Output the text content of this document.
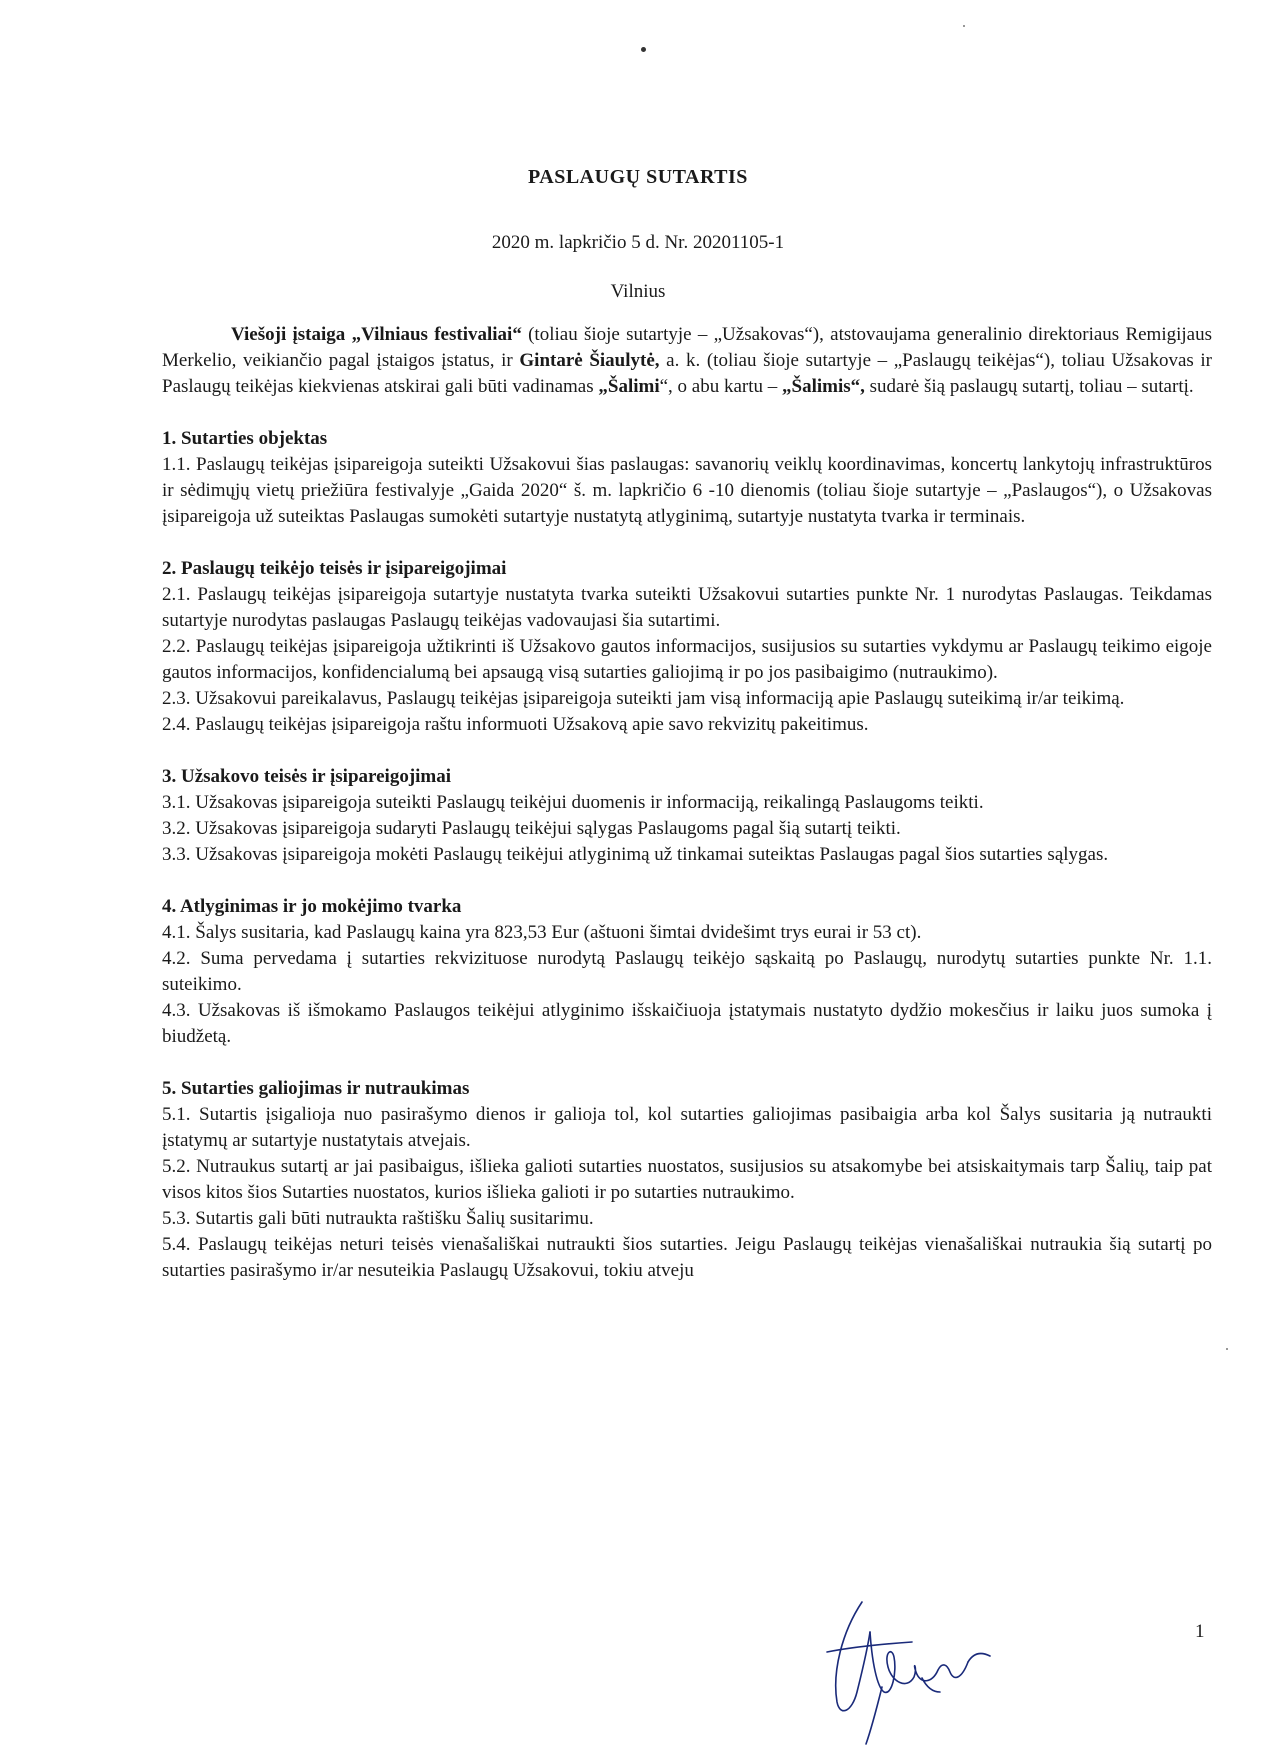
PASLAUGŲ SUTARTIS
2020 m. lapkričio 5 d. Nr. 20201105-1
Vilnius

Viešoji įstaiga „Vilniaus festivaliai“ (toliau šioje sutartyje – „Užsakovas“), atstovaujama generalinio direktoriaus Remigijaus Merkelio, veikiančio pagal įstaigos įstatus, ir Gintarė Šiaulytė, a. k. (toliau šioje sutartyje – „Paslaugų teikėjas“), toliau Užsakovas ir Paslaugų teikėjas kiekvienas atskirai gali būti vadinamas „Šalimi“, o abu kartu – „Šalimis“, sudarė šią paslaugų sutartį, toliau – sutartį.

1. Sutarties objektas

1.1. Paslaugų teikėjas įsipareigoja suteikti Užsakovui šias paslaugas: savanorių veiklų koordinavimas, koncertų lankytojų infrastruktūros ir sėdimųjų vietų priežiūra festivalyje „Gaida 2020“ š. m. lapkričio 6 -10 dienomis (toliau šioje sutartyje – „Paslaugos“), o Užsakovas įsipareigoja už suteiktas Paslaugas sumokėti sutartyje nustatytą atlyginimą, sutartyje nustatyta tvarka ir terminais.

2. Paslaugų teikėjo teisės ir įsipareigojimai

2.1. Paslaugų teikėjas įsipareigoja sutartyje nustatyta tvarka suteikti Užsakovui sutarties punkte Nr. 1 nurodytas Paslaugas. Teikdamas sutartyje nurodytas paslaugas Paslaugų teikėjas vadovaujasi šia sutartimi.

2.2. Paslaugų teikėjas įsipareigoja užtikrinti iš Užsakovo gautos informacijos, susijusios su sutarties vykdymu ar Paslaugų teikimo eigoje gautos informacijos, konfidencialumą bei apsaugą visą sutarties galiojimą ir po jos pasibaigimo (nutraukimo).

2.3. Užsakovui pareikalavus, Paslaugų teikėjas įsipareigoja suteikti jam visą informaciją apie Paslaugų suteikimą ir/ar teikimą.

2.4. Paslaugų teikėjas įsipareigoja raštu informuoti Užsakovą apie savo rekvizitų pakeitimus.

3. Užsakovo teisės ir įsipareigojimai

3.1. Užsakovas įsipareigoja suteikti Paslaugų teikėjui duomenis ir informaciją, reikalingą Paslaugoms teikti.

3.2. Užsakovas įsipareigoja sudaryti Paslaugų teikėjui sąlygas Paslaugoms pagal šią sutartį teikti.

3.3. Užsakovas įsipareigoja mokėti Paslaugų teikėjui atlyginimą už tinkamai suteiktas Paslaugas pagal šios sutarties sąlygas.

4. Atlyginimas ir jo mokėjimo tvarka

4.1. Šalys susitaria, kad Paslaugų kaina yra 823,53 Eur (aštuoni šimtai dvidešimt trys eurai ir 53 ct).

4.2. Suma pervedama į sutarties rekvizituose nurodytą Paslaugų teikėjo sąskaitą po Paslaugų, nurodytų sutarties punkte Nr. 1.1. suteikimo.

4.3. Užsakovas iš išmokamo Paslaugos teikėjui atlyginimo išskaičiuoja įstatymais nustatyto dydžio mokesčius ir laiku juos sumoka į biudžetą.

5. Sutarties galiojimas ir nutraukimas

5.1. Sutartis įsigalioja nuo pasirašymo dienos ir galioja tol, kol sutarties galiojimas pasibaigia arba kol Šalys susitaria ją nutraukti įstatymų ar sutartyje nustatytais atvejais.

5.2. Nutraukus sutartį ar jai pasibaigus, išlieka galioti sutarties nuostatos, susijusios su atsakomybe bei atsiskaitymais tarp Šalių, taip pat visos kitos šios Sutarties nuostatos, kurios išlieka galioti ir po sutarties nutraukimo.

5.3. Sutartis gali būti nutraukta raštišku Šalių susitarimu.

5.4. Paslaugų teikėjas neturi teisės vienašališkai nutraukti šios sutarties. Jeigu Paslaugų teikėjas vienašališkai nutraukia šią sutartį po sutarties pasirašymo ir/ar nesuteikia Paslaugų Užsakovui, tokiu atveju

1
